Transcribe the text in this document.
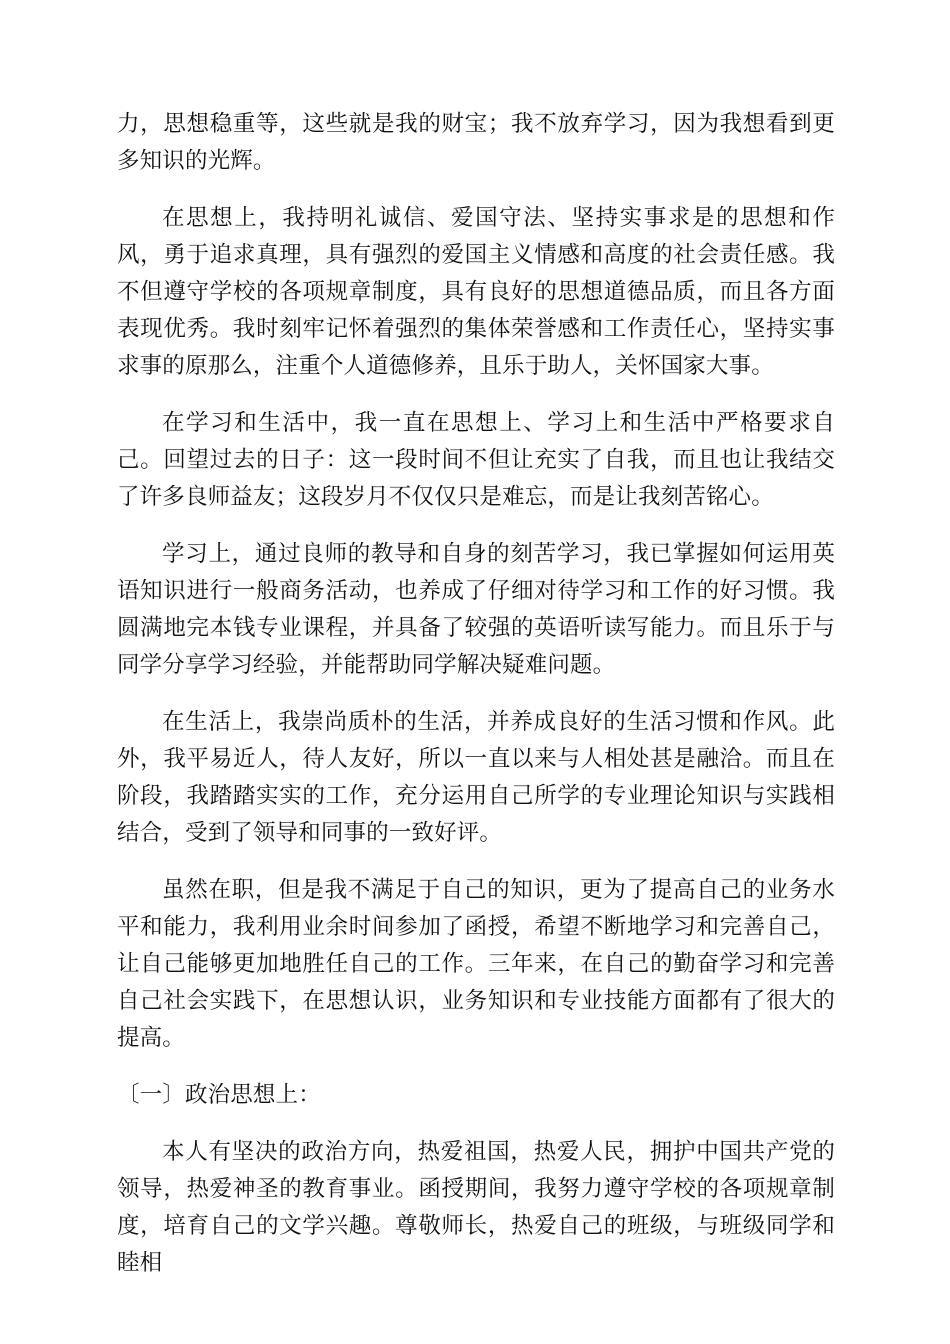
力，思想稳重等，这些就是我的财宝；我不放弃学习，因为我想看到更多知识的光辉。

在思想上，我持明礼诚信、爱国守法、坚持实事求是的思想和作风，勇于追求真理，具有强烈的爱国主义情感和高度的社会责任感。我不但遵守学校的各项规章制度，具有良好的思想道德品质，而且各方面表现优秀。我时刻牢记怀着强烈的集体荣誉感和工作责任心，坚持实事求事的原那么，注重个人道德修养，且乐于助人，关怀国家大事。

在学习和生活中，我一直在思想上、学习上和生活中严格要求自己。回望过去的日子：这一段时间不但让充实了自我，而且也让我结交了许多良师益友；这段岁月不仅仅只是难忘，而是让我刻苦铭心。

学习上，通过良师的教导和自身的刻苦学习，我已掌握如何运用英语知识进行一般商务活动，也养成了仔细对待学习和工作的好习惯。我圆满地完本钱专业课程，并具备了较强的英语听读写能力。而且乐于与同学分享学习经验，并能帮助同学解决疑难问题。

在生活上，我崇尚质朴的生活，并养成良好的生活习惯和作风。此外，我平易近人，待人友好，所以一直以来与人相处甚是融洽。而且在阶段，我踏踏实实的工作，充分运用自己所学的专业理论知识与实践相结合，受到了领导和同事的一致好评。

虽然在职，但是我不满足于自己的知识，更为了提高自己的业务水平和能力，我利用业余时间参加了函授，希望不断地学习和完善自己，让自己能够更加地胜任自己的工作。三年来，在自己的勤奋学习和完善自己社会实践下，在思想认识，业务知识和专业技能方面都有了很大的提高。

〔一〕政治思想上：

本人有坚决的政治方向，热爱祖国，热爱人民，拥护中国共产党的领导，热爱神圣的教育事业。函授期间，我努力遵守学校的各项规章制度，培育自己的文学兴趣。尊敬师长，热爱自己的班级，与班级同学和睦相
